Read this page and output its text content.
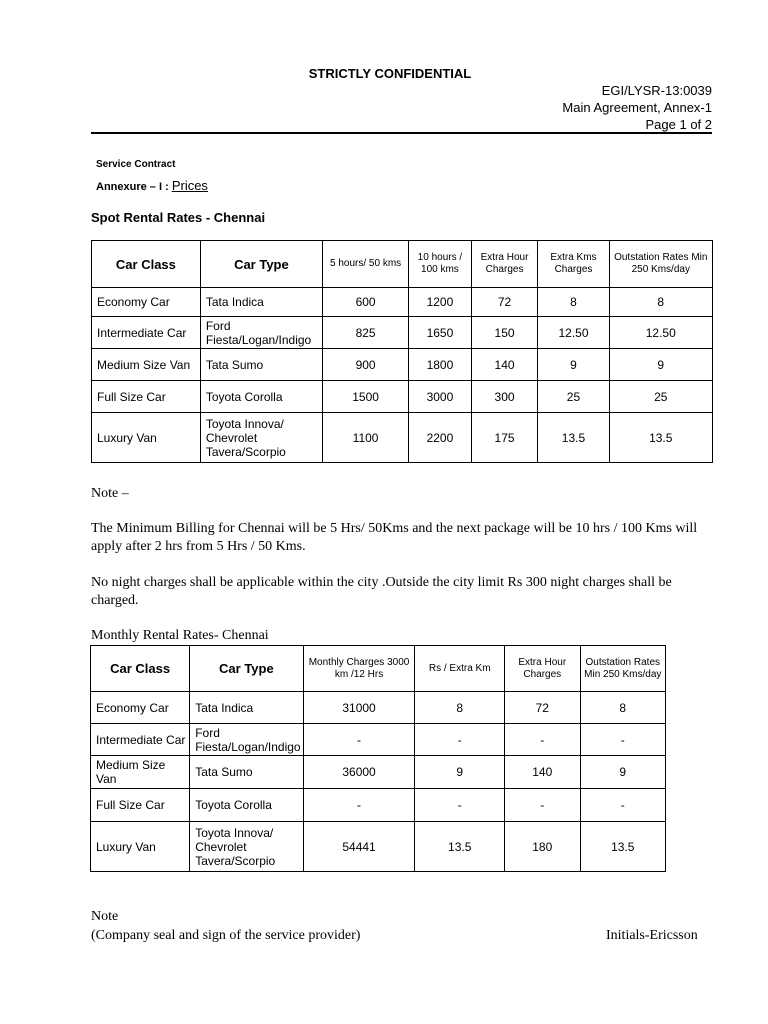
STRICTLY CONFIDENTIAL
EGI/LYSR-13:0039
Main Agreement, Annex-1
Page 1 of 2
Service Contract
Annexure – I : Prices
Spot Rental Rates - Chennai
Car Class	Car Type	5 hours/ 50 kms	10 hours / 100 kms	Extra Hour Charges	Extra Kms Charges	Outstation Rates Min 250 Kms/day
Economy Car	Tata Indica	600	1200	72	8	8
Intermediate Car	Ford Fiesta/Logan/Indigo	825	1650	150	12.50	12.50
Medium Size Van	Tata Sumo	900	1800	140	9	9
Full Size Car	Toyota Corolla	1500	3000	300	25	25
Luxury Van	Toyota Innova/ Chevrolet Tavera/Scorpio	1100	2200	175	13.5	13.5
Note –
The Minimum Billing for Chennai will be 5 Hrs/ 50Kms and the next package will be 10 hrs / 100 Kms will apply after 2 hrs from 5 Hrs / 50 Kms.
No night charges shall be applicable within the city .Outside the city limit Rs 300 night charges shall be charged.
Monthly Rental Rates- Chennai
Car Class	Car Type	Monthly Charges 3000 km /12 Hrs	Rs / Extra Km	Extra Hour Charges	Outstation Rates Min 250 Kms/day
Economy Car	Tata Indica	31000	8	72	8
Intermediate Car	Ford Fiesta/Logan/Indigo	-	-	-	-
Medium Size Van	Tata Sumo	36000	9	140	9
Full Size Car	Toyota Corolla	-	-	-	-
Luxury Van	Toyota Innova/ Chevrolet Tavera/Scorpio	54441	13.5	180	13.5
Note
(Company seal and sign of the service provider)	Initials-Ericsson
